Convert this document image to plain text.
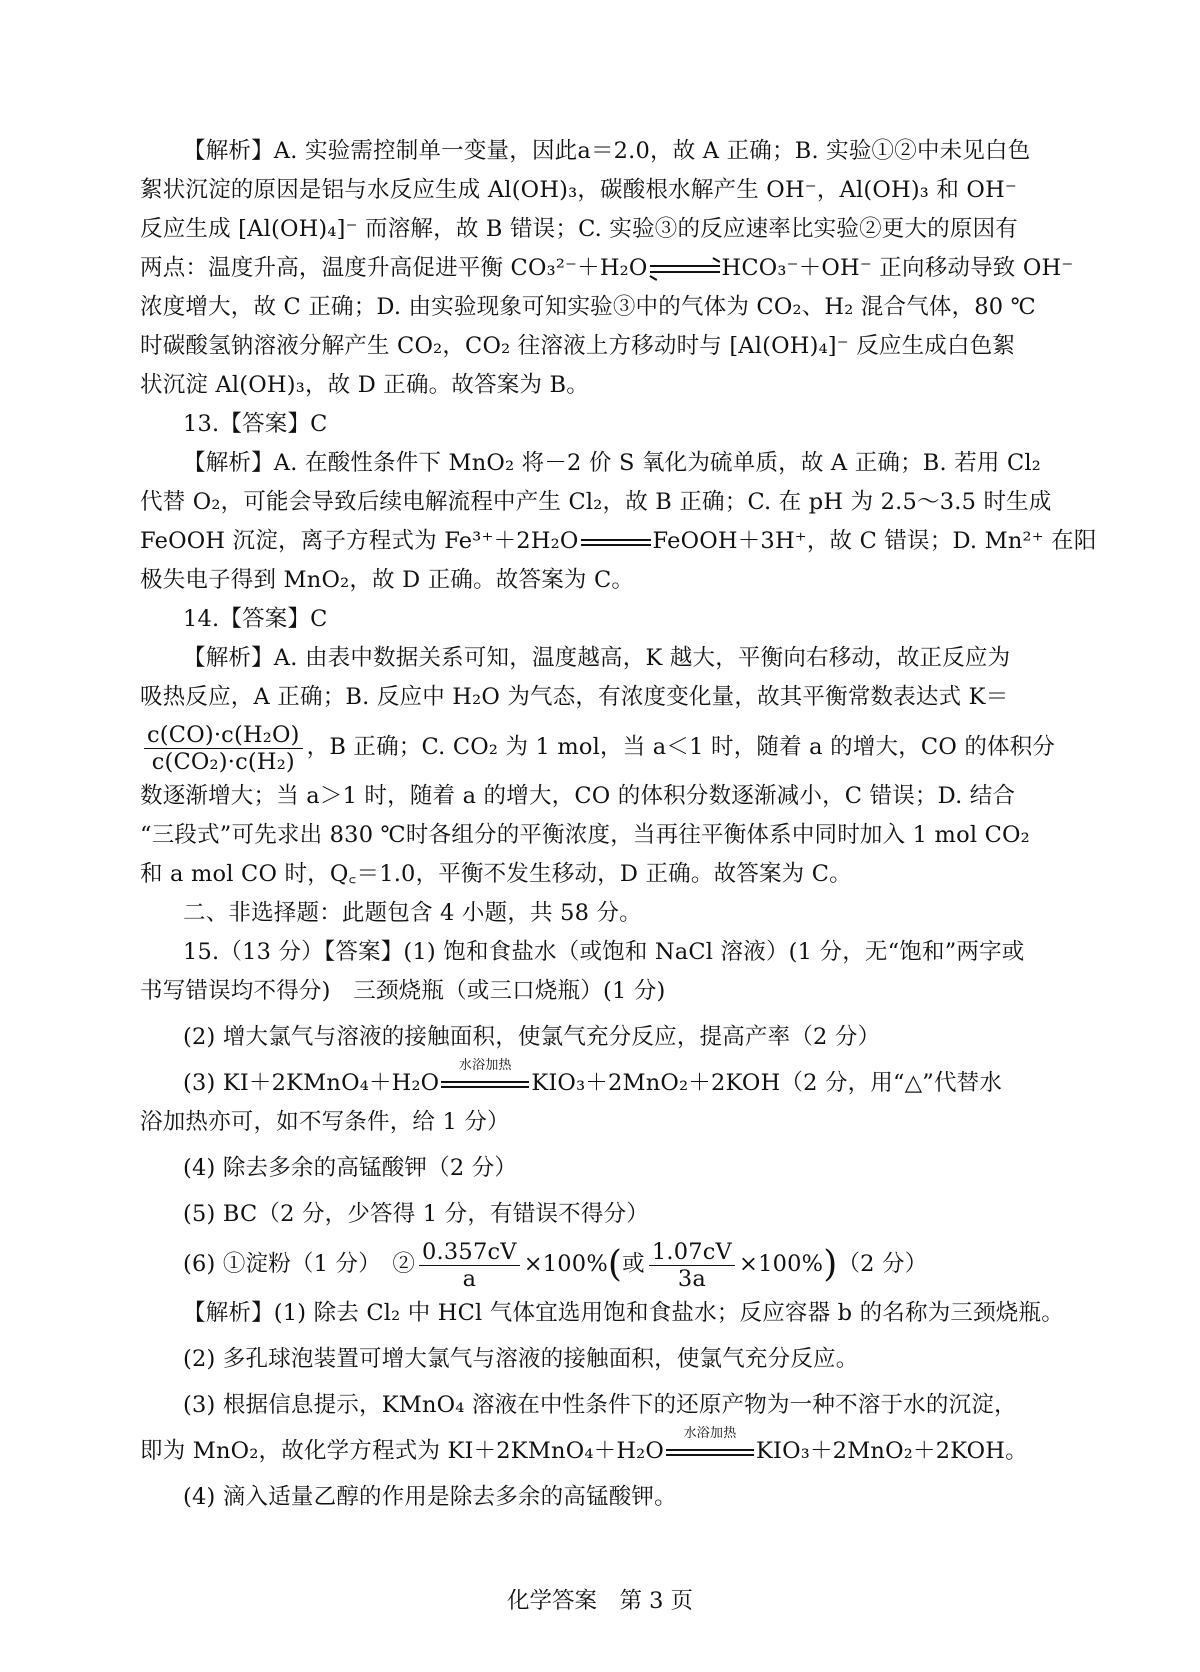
【解析】A. 实验需控制单一变量，因此a＝2.0，故 A 正确；B. 实验①②中未见白色
絮状沉淀的原因是铝与水反应生成 Al(OH)₃，碳酸根水解产生 OH⁻，Al(OH)₃ 和 OH⁻
反应生成 [Al(OH)₄]⁻ 而溶解，故 B 错误；C. 实验③的反应速率比实验②更大的原因有
两点：温度升高，温度升高促进平衡 CO₃²⁻＋H₂O ⇌ HCO₃⁻＋OH⁻ 正向移动导致 OH⁻
浓度增大，故 C 正确；D. 由实验现象可知实验③中的气体为 CO₂、H₂ 混合气体，80 ℃
时碳酸氢钠溶液分解产生 CO₂，CO₂ 往溶液上方移动时与 [Al(OH)₄]⁻ 反应生成白色絮
状沉淀 Al(OH)₃，故 D 正确。故答案为 B。
13.【答案】C
【解析】A. 在酸性条件下 MnO₂ 将－2 价 S 氧化为硫单质，故 A 正确；B. 若用 Cl₂
代替 O₂，可能会导致后续电解流程中产生 Cl₂，故 B 正确；C. 在 pH 为 2.5～3.5 时生成
FeOOH 沉淀，离子方程式为 Fe³⁺＋2H₂O	FeOOH＋3H⁺，故 C 错误；D. Mn²⁺ 在阳
极失电子得到 MnO₂，故 D 正确。故答案为 C。
14.【答案】C
【解析】A. 由表中数据关系可知，温度越高，K 越大，平衡向右移动，故正反应为
吸热反应，A 正确；B. 反应中 H₂O 为气态，有浓度变化量，故其平衡常数表达式 K＝
$\frac{\text{c(CO)·c(H₂O)}}{\text{c(CO₂)·c(H₂)}}$ ，B 正确；C. CO₂ 为 1 mol，当 a＜1 时，随着 a 的增大，CO 的体积分
数逐渐增大；当 a＞1 时，随着 a 的增大，CO 的体积分数逐渐减小，C 错误；D. 结合
“三段式”可先求出 830 ℃时各组分的平衡浓度，当再往平衡体系中同时加入 1 mol CO₂
和 a mol CO 时，Q꜀＝1.0，平衡不发生移动，D 正确。故答案为 C。
二、非选择题：此题包含 4 小题，共 58 分。
15.（13 分）【答案】(1) 饱和食盐水（或饱和 NaCl 溶液）(1 分，无“饱和”两字或
书写错误均不得分)　三颈烧瓶（或三口烧瓶）(1 分)
(2) 增大氯气与溶液的接触面积，使氯气充分反应，提高产率（2 分）
(3) KI＋2KMnO₄＋H₂O
水浴加热
KIO₃＋2MnO₂＋2KOH（2 分，用“△”代替水
浴加热亦可，如不写条件，给 1 分）
(4) 除去多余的高锰酸钾（2 分）
(5) BC（2 分，少答得 1 分，有错误不得分）
(6) ①淀粉（1 分）　② $\frac{0.357cV}{a} \times 100\%$(或 $\frac{1.07cV}{3a} \times 100\%)(2$ 分）
【解析】(1) 除去 Cl₂ 中 HCl 气体宜选用饱和食盐水；反应容器 b 的名称为三颈烧瓶。
(2) 多孔球泡装置可增大氯气与溶液的接触面积，使氯气充分反应。
(3) 根据信息提示，KMnO₄ 溶液在中性条件下的还原产物为一种不溶于水的沉淀，
即为 MnO₂，故化学方程式为 KI＋2KMnO₄＋H₂O
水浴加热
KIO₃＋2MnO₂＋2KOH。
(4) 滴入适量乙醇的作用是除去多余的高锰酸钾。
化学答案　第 3 页
